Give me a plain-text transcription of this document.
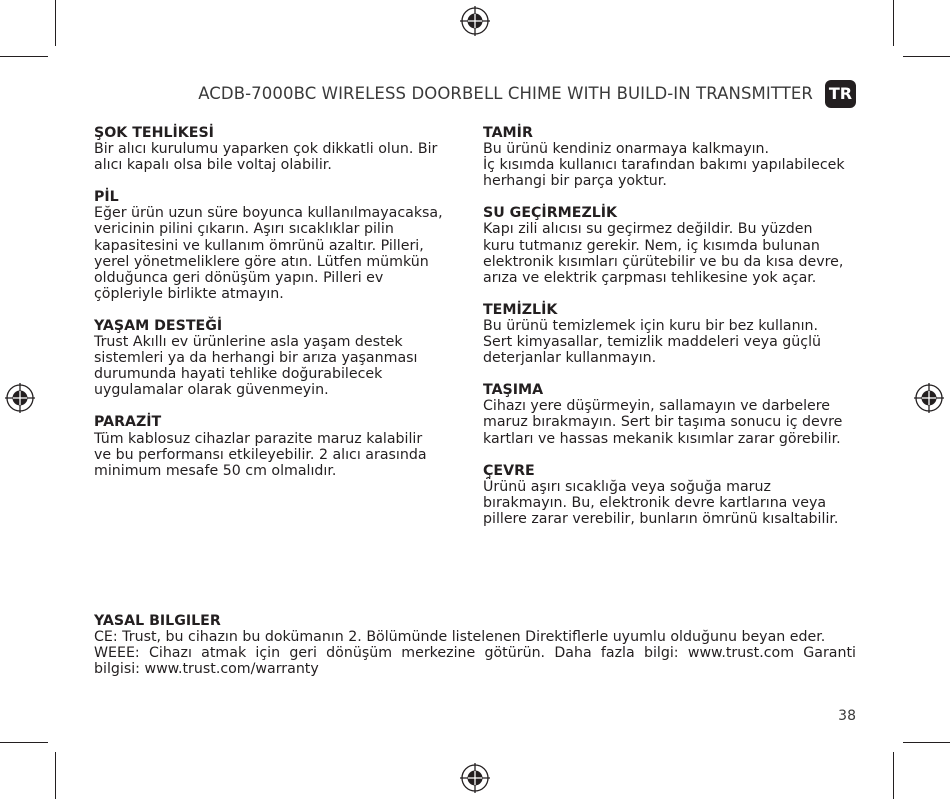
ACDB-7000BC WIRELESS DOORBELL CHIME WITH BUILD-IN TRANSMITTER TR
ŞOK TEHLİKESİ
Bir alıcı kurulumu yaparken çok dikkatli olun. Bir
alıcı kapalı olsa bile voltaj olabilir.
PİL
Eğer ürün uzun süre boyunca kullanılmayacaksa,
vericinin pilini çıkarın. Aşırı sıcaklıklar pilin
kapasitesini ve kullanım ömrünü azaltır. Pilleri,
yerel yönetmeliklere göre atın. Lütfen mümkün
olduğunca geri dönüşüm yapın. Pilleri ev
çöpleriyle birlikte atmayın.
YAŞAM DESTEĞİ
Trust Akıllı ev ürünlerine asla yaşam destek
sistemleri ya da herhangi bir arıza yaşanması
durumunda hayati tehlike doğurabilecek
uygulamalar olarak güvenmeyin.
PARAZİT
Tüm kablosuz cihazlar parazite maruz kalabilir
ve bu performansı etkileyebilir. 2 alıcı arasında
minimum mesafe 50 cm olmalıdır.
TAMİR
Bu ürünü kendiniz onarmaya kalkmayın.
İç kısımda kullanıcı tarafından bakımı yapılabilecek
herhangi bir parça yoktur.
SU GEÇİRMEZLİK
Kapı zili alıcısı su geçirmez değildir. Bu yüzden
kuru tutmanız gerekir. Nem, iç kısımda bulunan
elektronik kısımları çürütebilir ve bu da kısa devre,
arıza ve elektrik çarpması tehlikesine yok açar.
TEMİZLİK
Bu ürünü temizlemek için kuru bir bez kullanın.
Sert kimyasallar, temizlik maddeleri veya güçlü
deterjanlar kullanmayın.
TAŞIMA
Cihazı yere düşürmeyin, sallamayın ve darbelere
maruz bırakmayın. Sert bir taşıma sonucu iç devre
kartları ve hassas mekanik kısımlar zarar görebilir.
ÇEVRE
Ürünü aşırı sıcaklığa veya soğuğa maruz
bırakmayın. Bu, elektronik devre kartlarına veya
pillere zarar verebilir, bunların ömrünü kısaltabilir.
YASAL BILGILER
CE: Trust, bu cihazın bu dokümanın 2. Bölümünde listelenen Direktiflerle uyumlu olduğunu beyan eder.
WEEE: Cihazı atmak için geri dönüşüm merkezine götürün. Daha fazla bilgi: www.trust.com Garanti
bilgisi: www.trust.com/warranty
38
